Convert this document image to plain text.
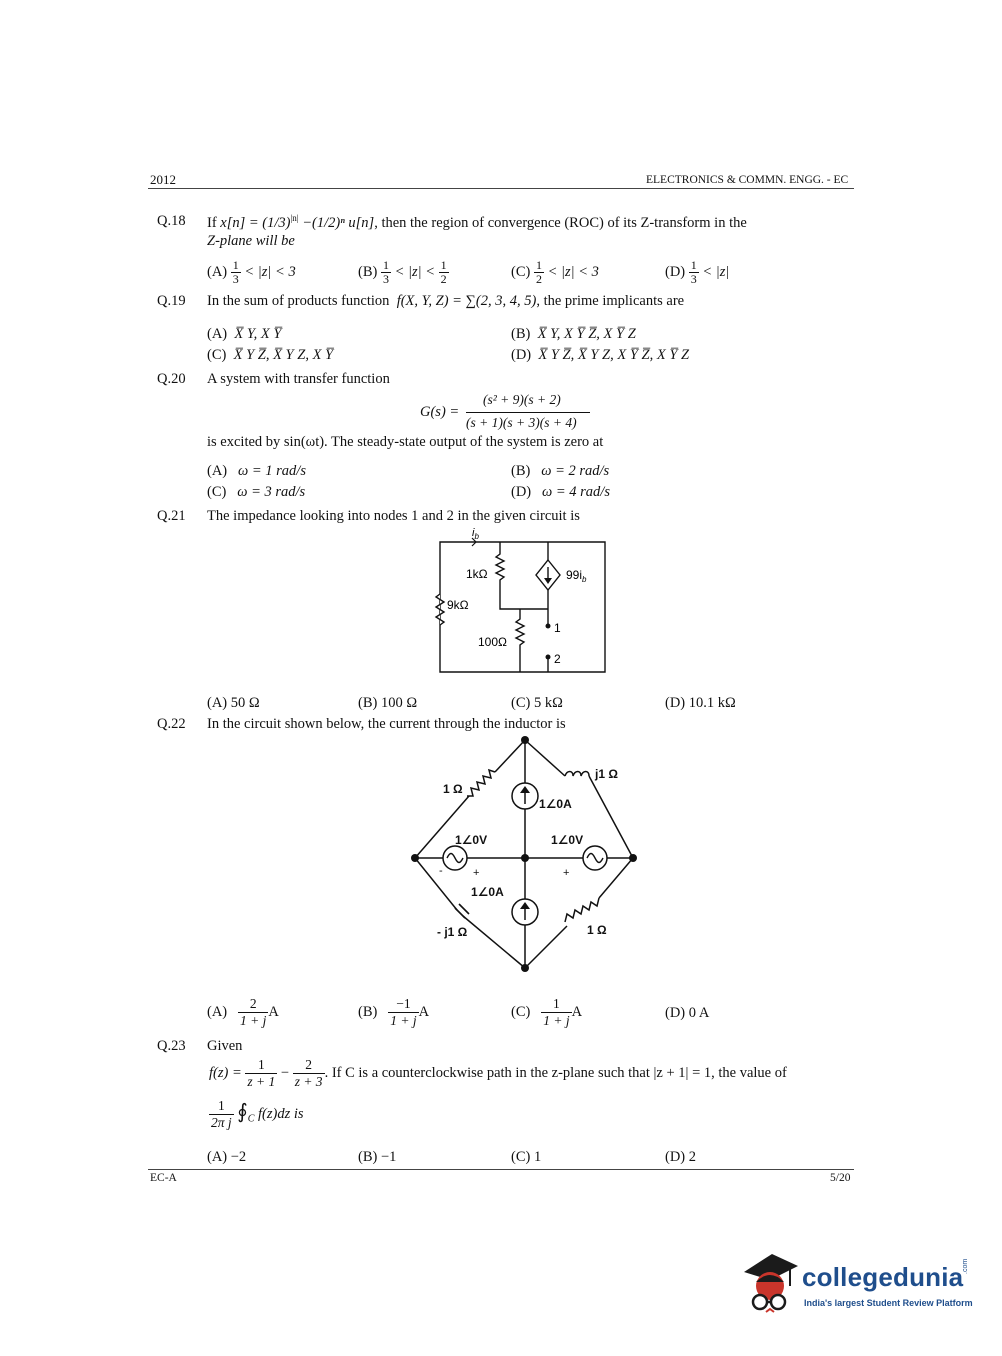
2012	ELECTRONICS & COMMN. ENGG. - EC
Q.18 If $x[n] = (1/3)^{|n|} -(1/2)^n$ u[n], then the region of convergence (ROC) of its Z-transform in the
Z-plane will be
$(A) \frac{1}{3} < |z| < 3$	$(B) \frac{1}{3} < |z| < \frac{1}{2}$	$(C) \frac{1}{2} < |z| < 3$	$(D) \frac{1}{3} < |z|$
Q.19 In the sum of products function f(X, Y, Z) = ∑(2, 3, 4, 5), the prime implicants are
(A) X̅ Y, X Y̅	(B) X̅ Y, X Y̅ Z̅, X Y̅ Z
(C) X̅ Y Z̅, X̅ Y Z, X Y̅	(D) X̅ Y Z̅, X̅ Y Z, X Y̅ Z̅, X Y̅ Z
Q.20 A system with transfer function
G(s) =
(s² + 9)(s + 2)
(s + 1)(s + 3)(s + 4)
is excited by sin(ωt). The steady-state output of the system is zero at
(A) ω = 1 rad/s	(B) ω = 2 rad/s
(C) ω = 3 rad/s	(D) ω = 4 rad/s
Q.21 The impedance looking into nodes 1 and 2 in the given circuit is
$i_b$
1kΩ
9kΩ
100Ω
$99i_b$
1
2
(A) 50 Ω	(B) 100 Ω	(C) 5 kΩ	(D) 10.1 kΩ
Q.22 In the circuit shown below, the current through the inductor is
1 Ω
j1 Ω
1∠0A
1∠0V	1∠0V
1∠0A
- j1 Ω	1 Ω
+
-	+
$(A) \frac{2}{1 + j}$ A	$(B) \frac{-1}{1 + j}$ A	$(C) \frac{1}{1 + j}$ A	(D) 0 A
Q.23 Given
$f(z) = \frac{1}{z + 1} - \frac{2}{z + 3}$ . If C is a counterclockwise path in the z-plane such that |z + 1| = 1, the value of
$\frac{1}{\text{2π j}}$ $∮_C$ f(z)dz is
(A) −2	(B) −1	(C) 1	(D) 2
EC-A	5/20
collegedunia
.com
India's largest Student Review Platform
